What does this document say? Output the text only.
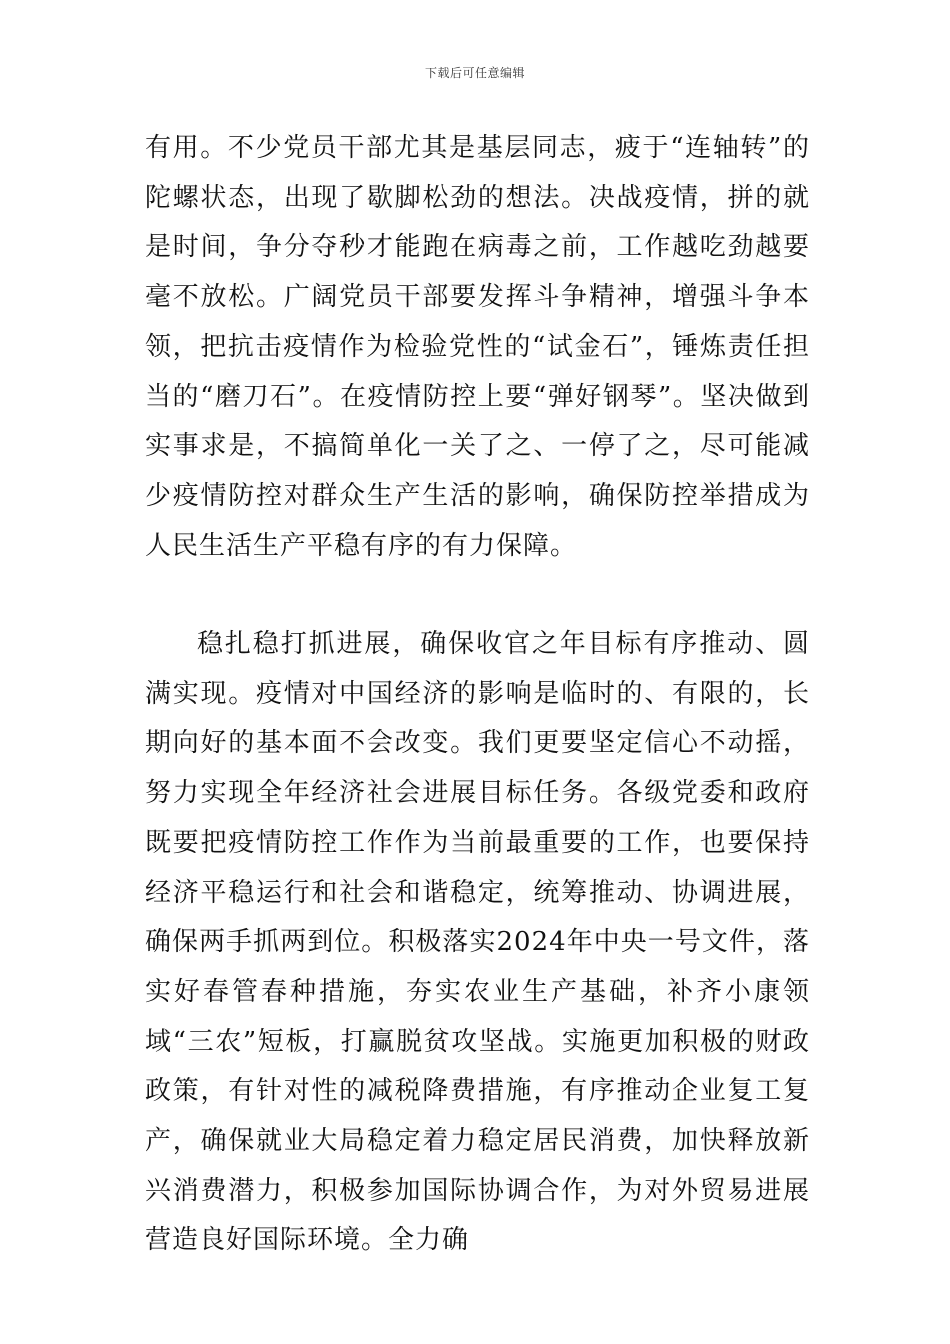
下载后可任意编辑

有用。不少党员干部尤其是基层同志，疲于“连轴转”的陀螺状态，出现了歇脚松劲的想法。决战疫情，拼的就是时间，争分夺秒才能跑在病毒之前，工作越吃劲越要毫不放松。广阔党员干部要发挥斗争精神，增强斗争本领，把抗击疫情作为检验党性的“试金石”，锤炼责任担当的“磨刀石”。在疫情防控上要“弹好钢琴”。坚决做到实事求是，不搞简单化一关了之、一停了之，尽可能减少疫情防控对群众生产生活的影响，确保防控举措成为人民生活生产平稳有序的有力保障。

稳扎稳打抓进展，确保收官之年目标有序推动、圆满实现。疫情对中国经济的影响是临时的、有限的，长期向好的基本面不会改变。我们更要坚定信心不动摇，努力实现全年经济社会进展目标任务。各级党委和政府既要把疫情防控工作作为当前最重要的工作，也要保持经济平稳运行和社会和谐稳定，统筹推动、协调进展，确保两手抓两到位。积极落实2024年中央一号文件，落实好春管春种措施，夯实农业生产基础，补齐小康领域“三农”短板，打赢脱贫攻坚战。实施更加积极的财政政策，有针对性的减税降费措施，有序推动企业复工复产，确保就业大局稳定着力稳定居民消费，加快释放新兴消费潜力，积极参加国际协调合作，为对外贸易进展营造良好国际环境。全力确
